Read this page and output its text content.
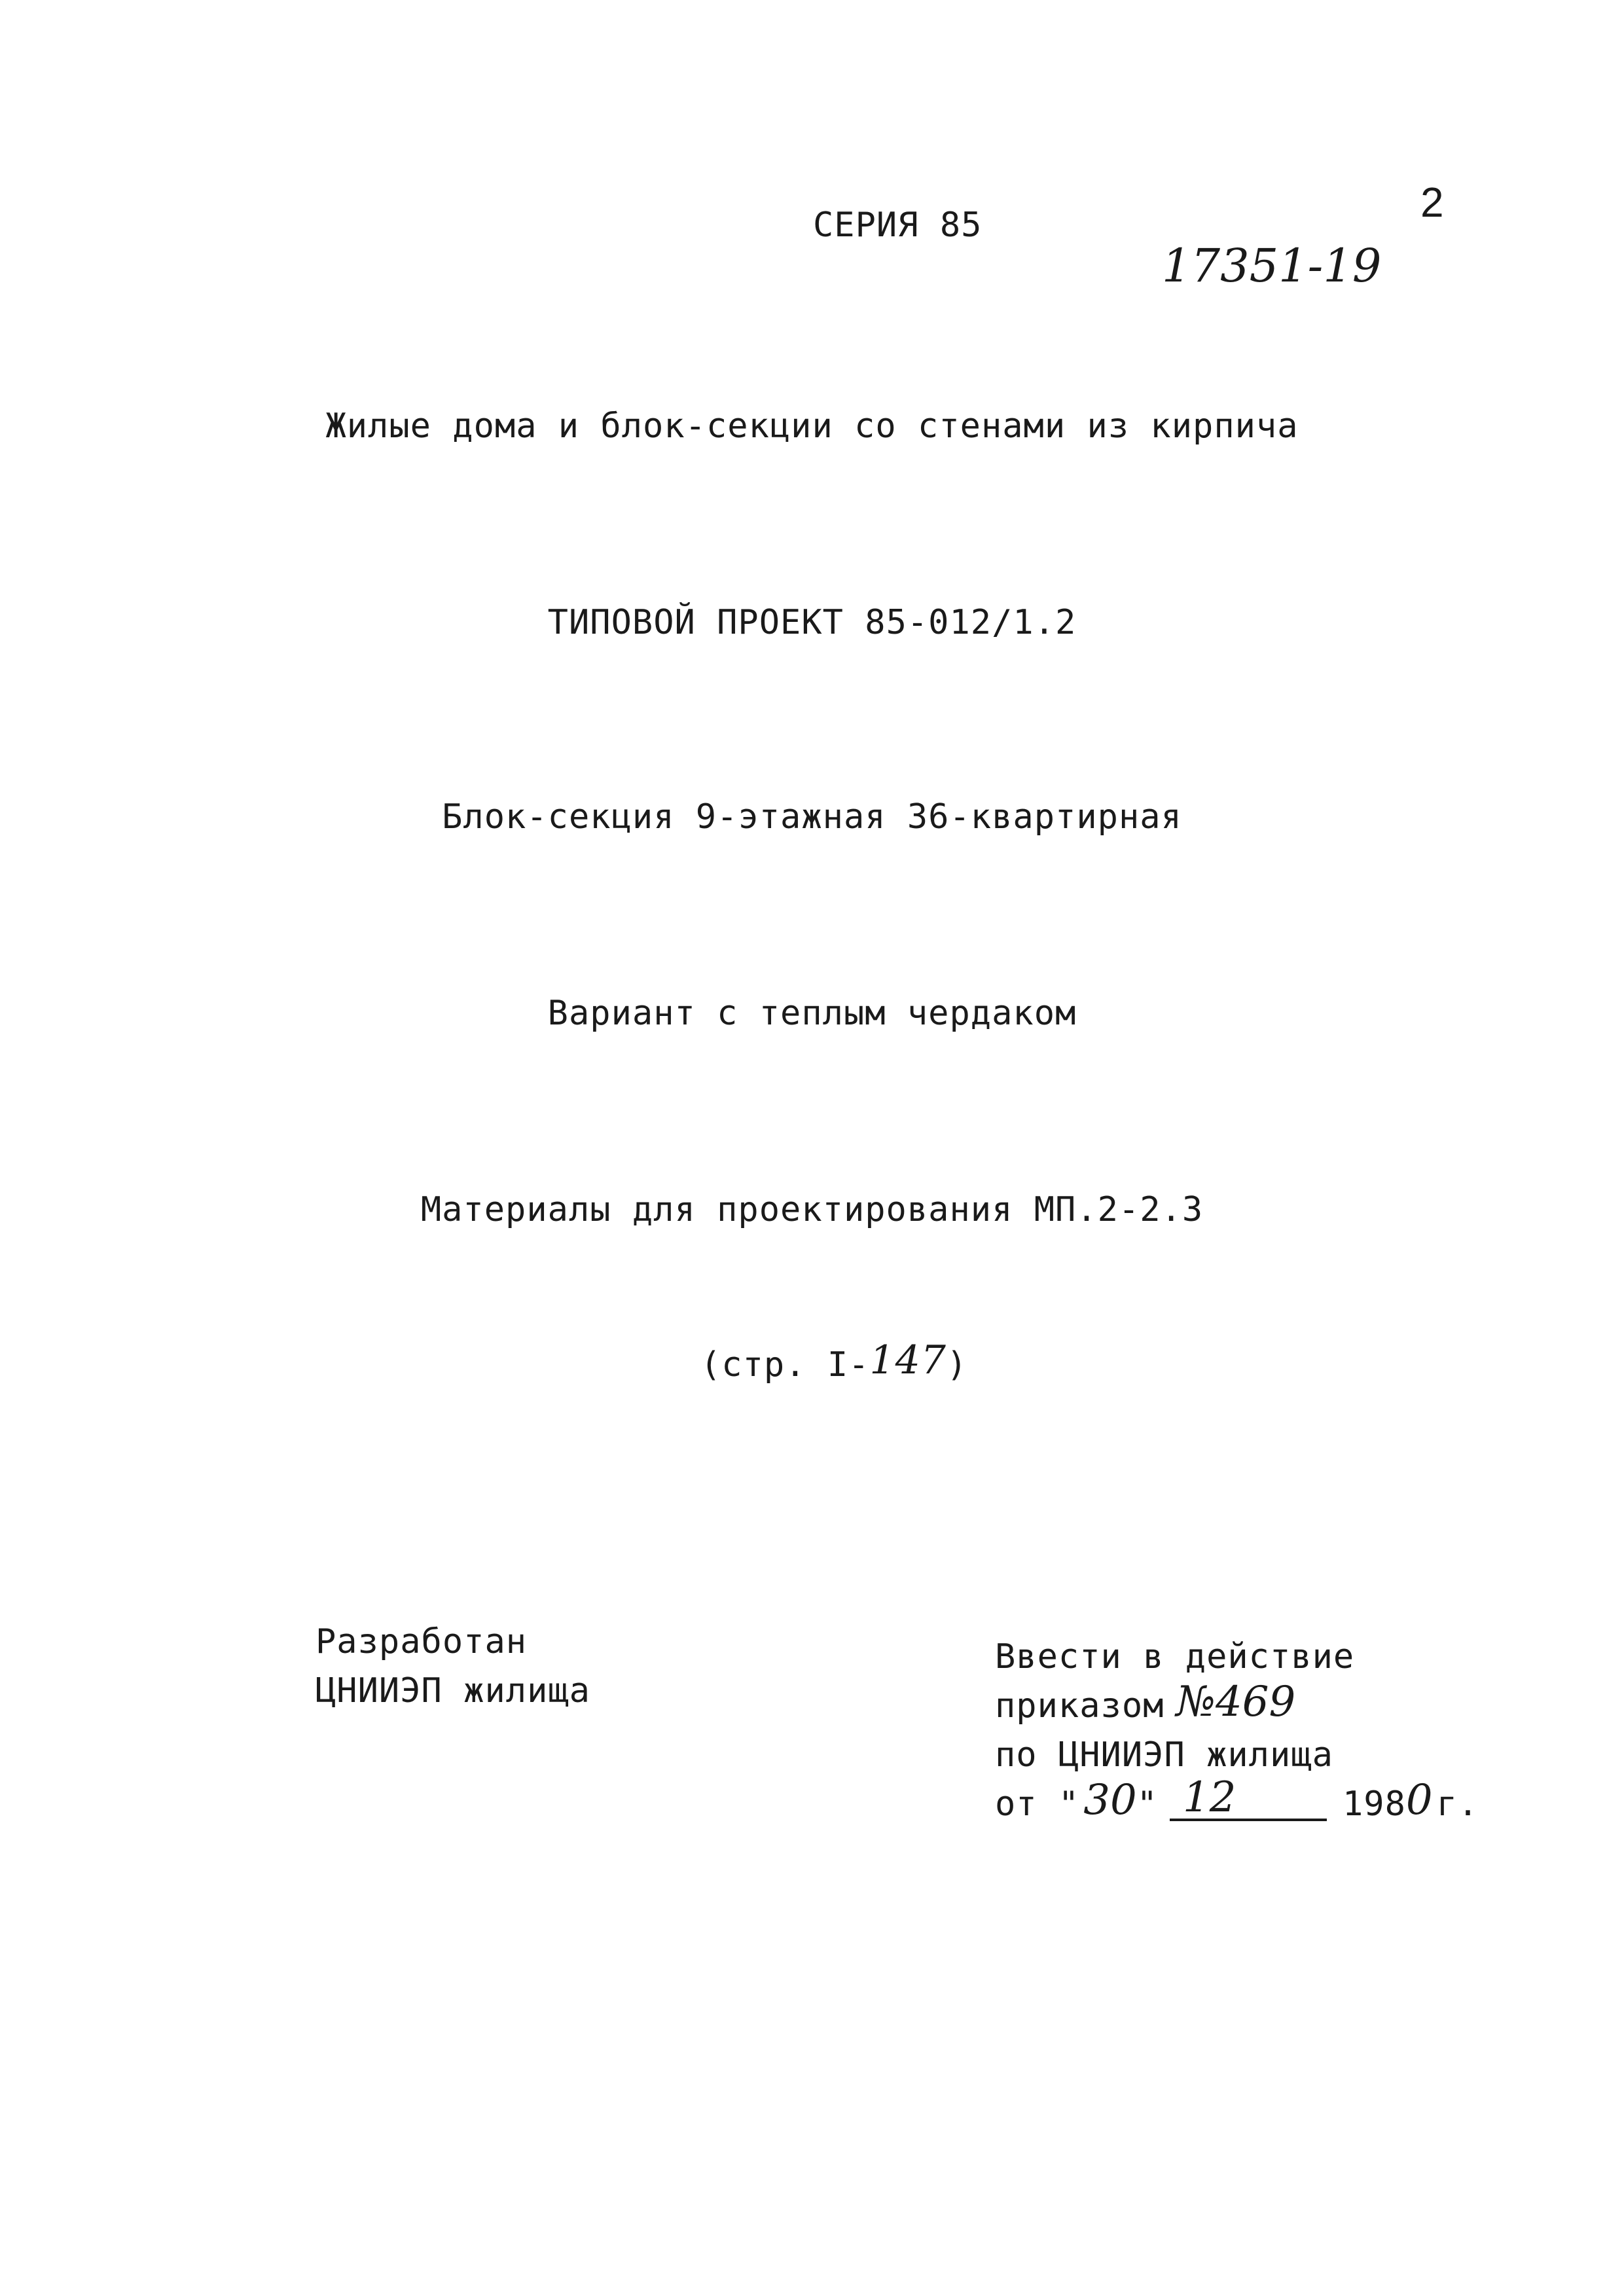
СЕРИЯ 85	2
17351-19
Жилые дома и блок-секции со стенами из кирпича
ТИПОВОЙ ПРОЕКТ 85-012/1.2
Блок-секция 9-этажная 36-квартирная
Вариант с теплым чердаком
Материалы для проектирования МП.2-2.3
(стр. I-147)
Разработан
ЦНИИЭП жилища
Ввести в действие
приказом №469
по ЦНИИЭП жилища
от " 30 " 12	198 0 г.
